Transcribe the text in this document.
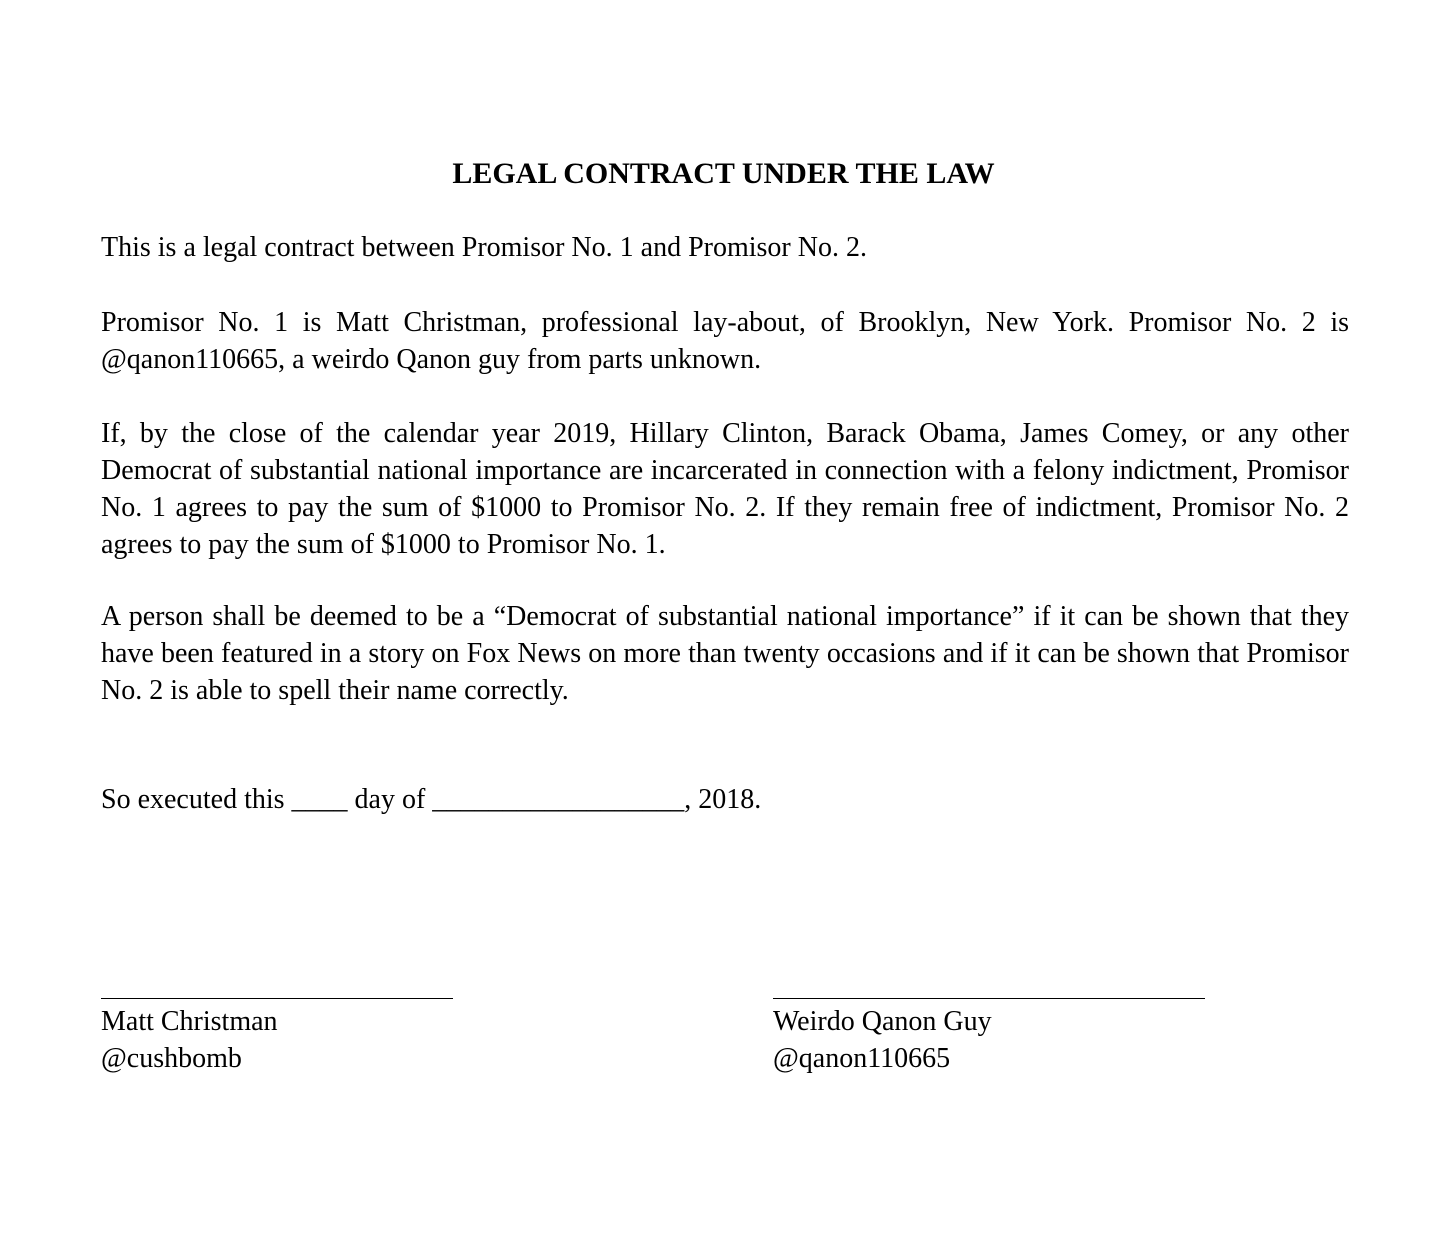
LEGAL CONTRACT UNDER THE LAW

This is a legal contract between Promisor No. 1 and Promisor No. 2.

Promisor No. 1 is Matt Christman, professional lay-about, of Brooklyn, New York. Promisor No. 2 is @qanon110665, a weirdo Qanon guy from parts unknown.

If, by the close of the calendar year 2019, Hillary Clinton, Barack Obama, James Comey, or any other Democrat of substantial national importance are incarcerated in connection with a felony indictment, Promisor No. 1 agrees to pay the sum of $1000 to Promisor No. 2. If they remain free of indictment, Promisor No. 2 agrees to pay the sum of $1000 to Promisor No. 1.

A person shall be deemed to be a “Democrat of substantial national importance” if it can be shown that they have been featured in a story on Fox News on more than twenty occasions and if it can be shown that Promisor No. 2 is able to spell their name correctly.

So executed this ____ day of __________________, 2018.
Matt Christman
@cushbomb
Weirdo Qanon Guy
@qanon110665
